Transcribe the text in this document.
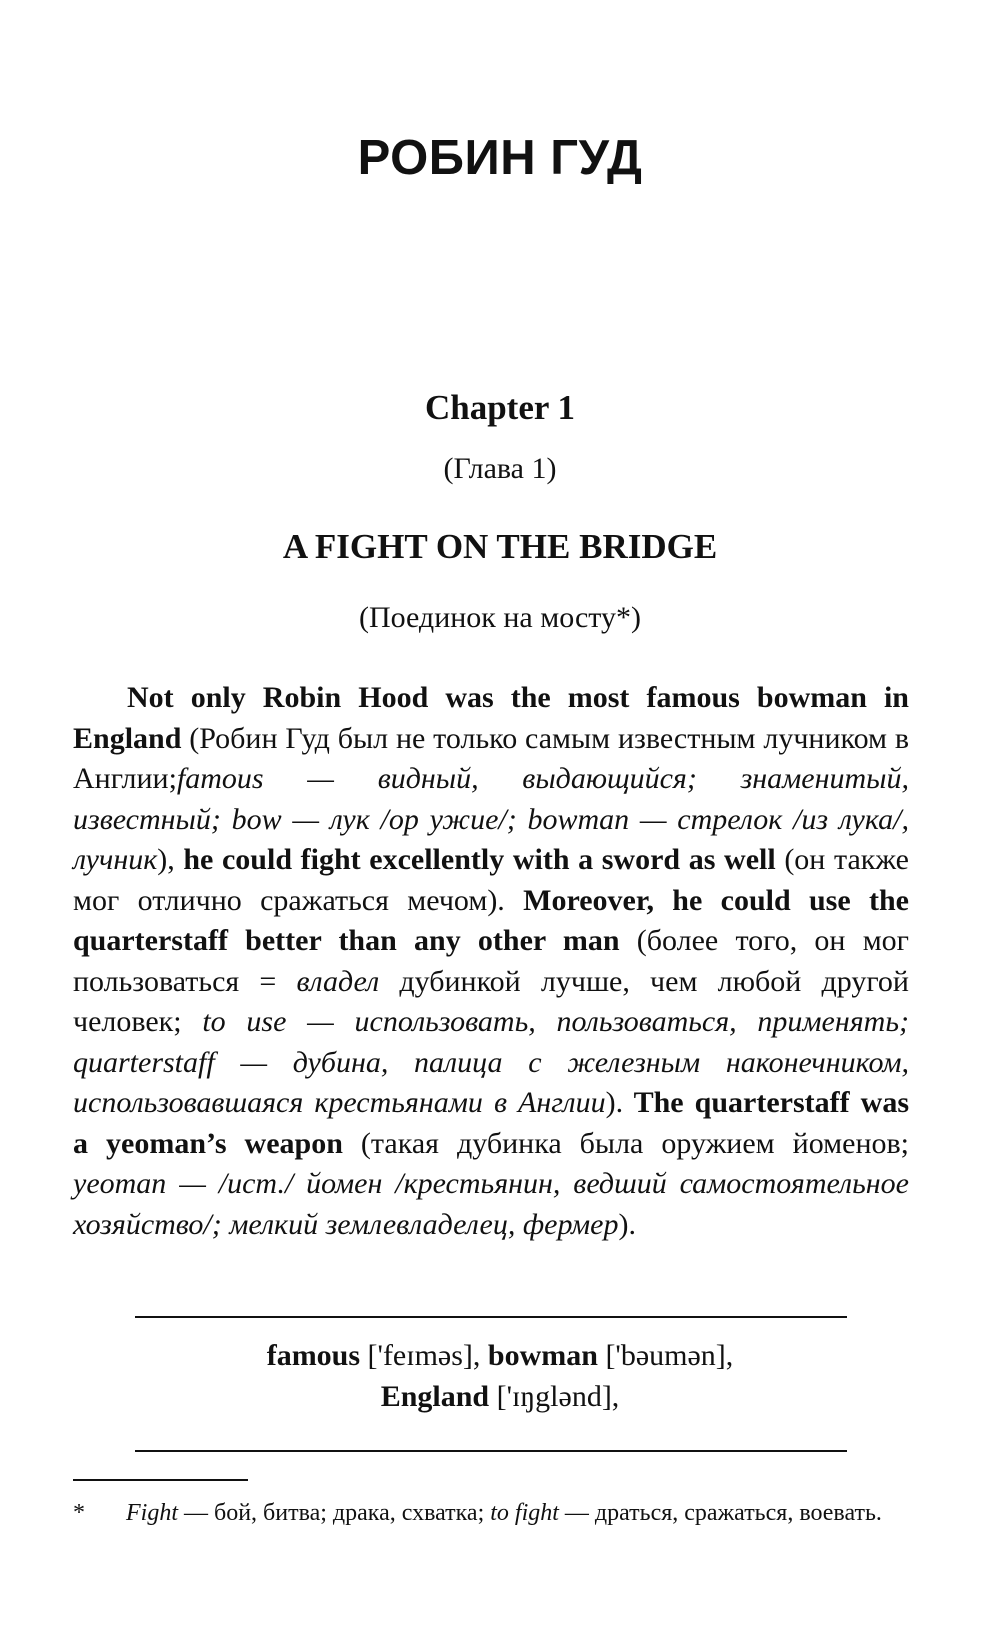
РОБИН ГУД
Chapter 1
(Глава 1)
A FIGHT ON THE BRIDGE
(Поединок на мосту*)

Not only Robin Hood was the most famous bowman in England (Робин Гуд был не только самым известным лучником в Англии;famous — видный, выдающийся; знаменитый, известный; bow — лук /ор ужие/; bowman — стрелок /из лука/, лучник), he could fight excellently with a sword as well (он также мог отлично сражаться мечом). Moreover, he could use the quarterstaff better than any other man (более того, он мог пользоваться = владел дубинкой лучше, чем любой другой человек; to use — использовать, пользоваться, применять; quarterstaff — дубина, палица с железным наконечником, использовавшаяся крестьянами в Англии). The quarterstaff was a yeoman’s weapon (такая дубинка была оружием йоменов; yeoman — /ист./ йомен /крестьянин, ведший самостоятельное хозяйство/; мелкий землевладелец, фермер).

famous ['feɪməs], bowman ['bəumən],
England ['ɪŋglənd],
*	Fight — бой, битва; драка, схватка; to fight — драться, сражаться, воевать.
